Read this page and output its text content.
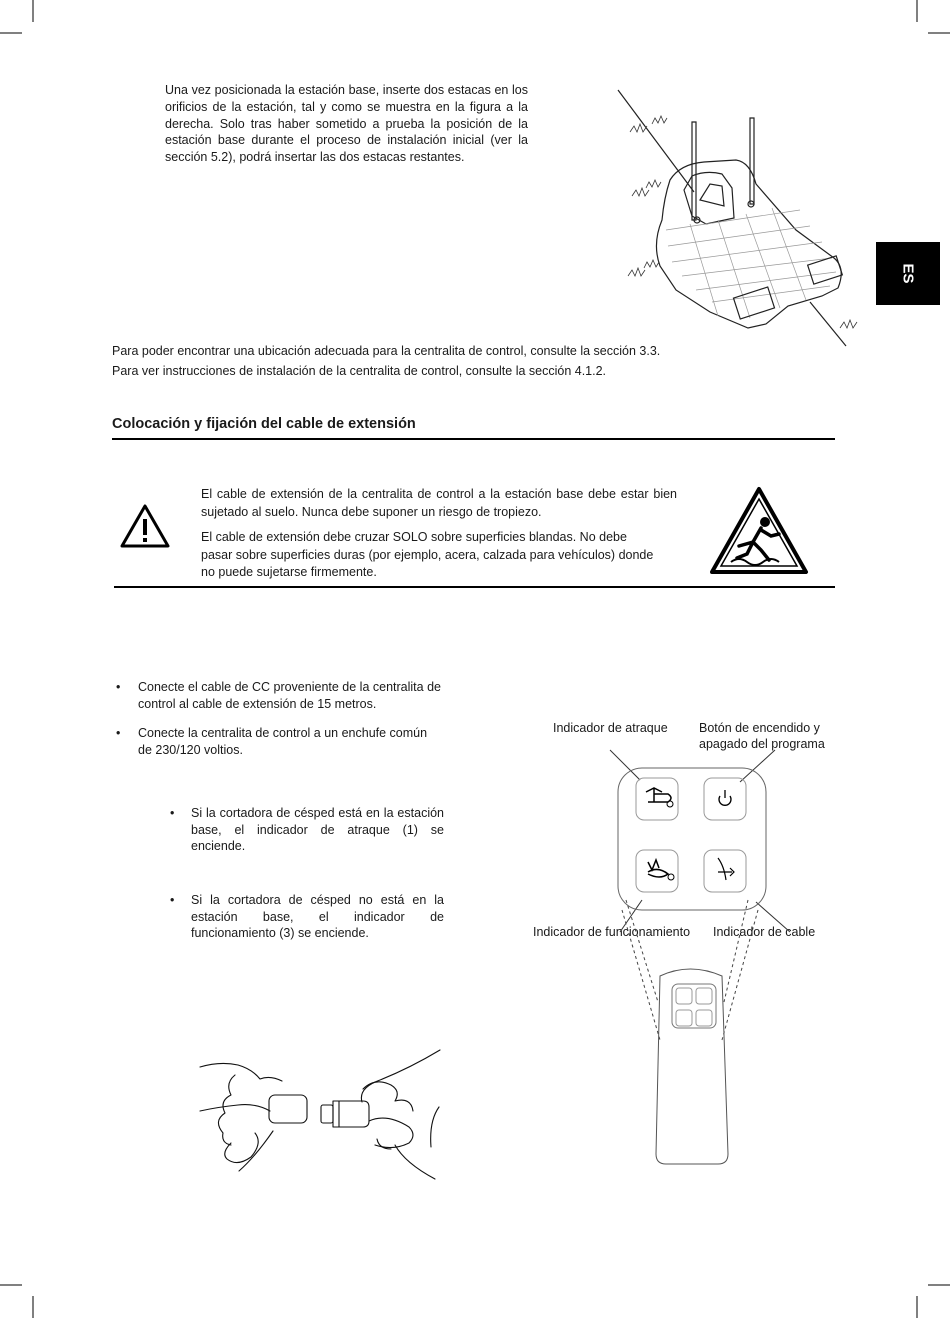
ES
Una vez posicionada la estación base, inserte dos estacas en los orificios de la estación, tal y como se muestra en la figura a la derecha. Solo tras haber sometido a prueba la posición de la estación base durante el proceso de instalación inicial (ver la sección 5.2), podrá insertar las dos estacas restantes.
Para poder encontrar una ubicación adecuada para la centralita de control, consulte la sección 3.3.
Para ver instrucciones de instalación de la centralita de control, consulte la sección 4.1.2.
Colocación y fijación del cable de extensión
El cable de extensión de la centralita de control a la estación base debe estar bien sujetado al suelo. Nunca debe suponer un riesgo de tropiezo.
El cable de extensión debe cruzar SOLO sobre superficies blandas. No debe pasar sobre superficies duras (por ejemplo, acera, calzada para vehículos) donde no puede sujetarse firmemente.
• Conecte el cable de CC proveniente de la centralita de control al cable de extensión de 15 metros.
• Conecte la centralita de control a un enchufe común de 230/120 voltios.
• Si la cortadora de césped está en la estación base, el indicador de atraque (1) se enciende.
• Si la cortadora de césped no está en la estación base, el indicador de funcionamiento (3) se enciende.
Indicador de atraque	Botón de encendido y
apagado del programa
Indicador de funcionamiento Indicador de cable
